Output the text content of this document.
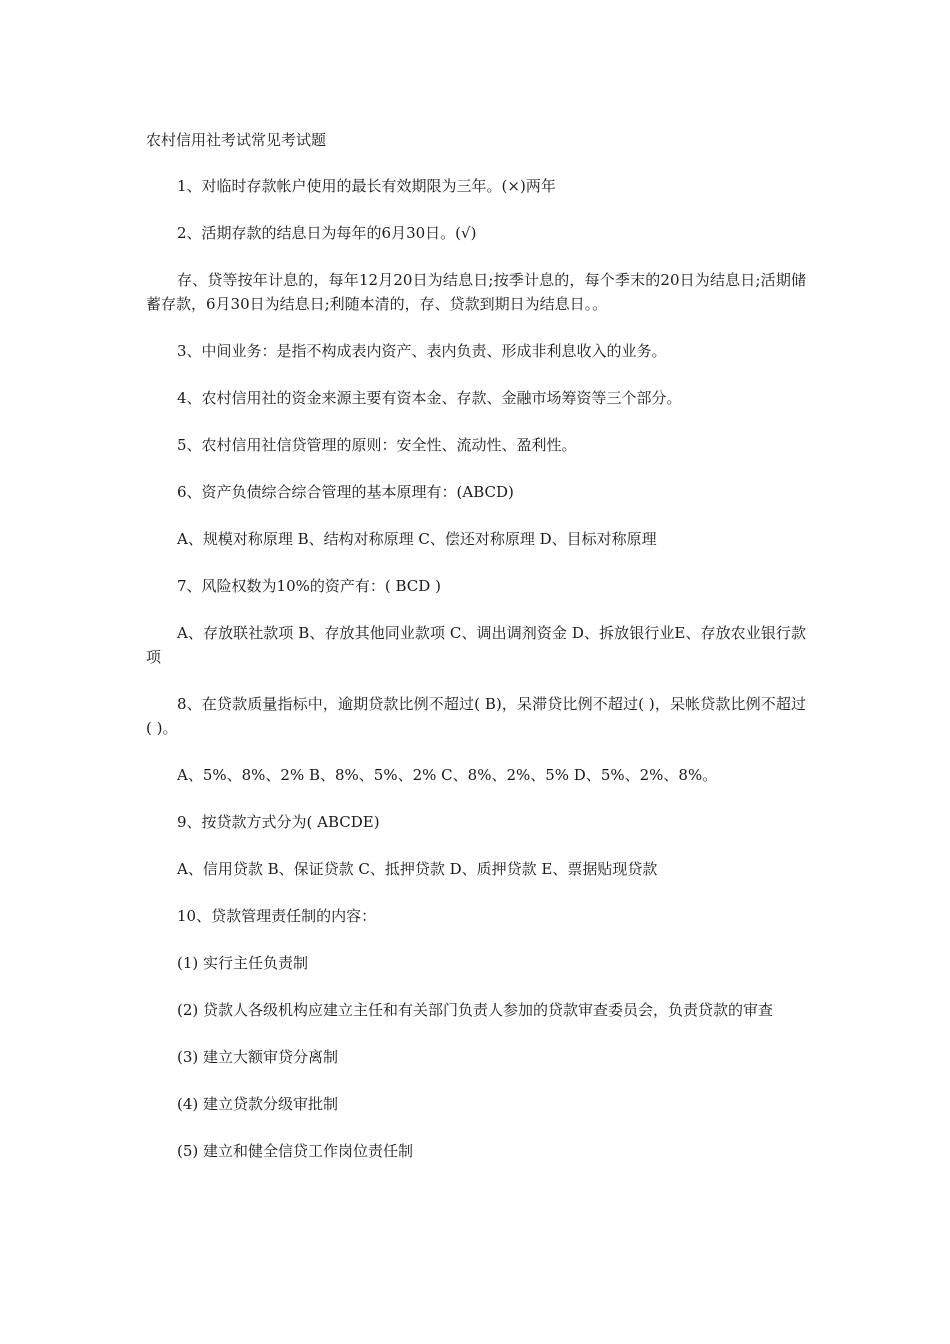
农村信用社考试常见考试题

1、对临时存款帐户使用的最长有效期限为三年。(×)两年

2、活期存款的结息日为每年的6月30日。(√)

存、贷等按年计息的，每年12月20日为结息日;按季计息的，每个季末的20日为结息日;活期储蓄存款，6月30日为结息日;利随本清的，存、贷款到期日为结息日。。

3、中间业务：是指不构成表内资产、表内负责、形成非利息收入的业务。

4、农村信用社的资金来源主要有资本金、存款、金融市场筹资等三个部分。

5、农村信用社信贷管理的原则：安全性、流动性、盈利性。

6、资产负债综合综合管理的基本原理有：(ABCD)

A、规模对称原理 B、结构对称原理 C、偿还对称原理 D、目标对称原理

7、风险权数为10%的资产有：( BCD )

A、存放联社款项 B、存放其他同业款项 C、调出调剂资金 D、拆放银行业E、存放农业银行款项

8、在贷款质量指标中，逾期贷款比例不超过( B)，呆滞贷比例不超过( )，呆帐贷款比例不超过( )。

A、5%、8%、2% B、8%、5%、2% C、8%、2%、5% D、5%、2%、8%。

9、按贷款方式分为( ABCDE)

A、信用贷款 B、保证贷款 C、抵押贷款 D、质押贷款 E、票据贴现贷款

10、贷款管理责任制的内容：

(1) 实行主任负责制

(2) 贷款人各级机构应建立主任和有关部门负责人参加的贷款审查委员会，负责贷款的审查

(3) 建立大额审贷分离制

(4) 建立贷款分级审批制

(5) 建立和健全信贷工作岗位责任制
